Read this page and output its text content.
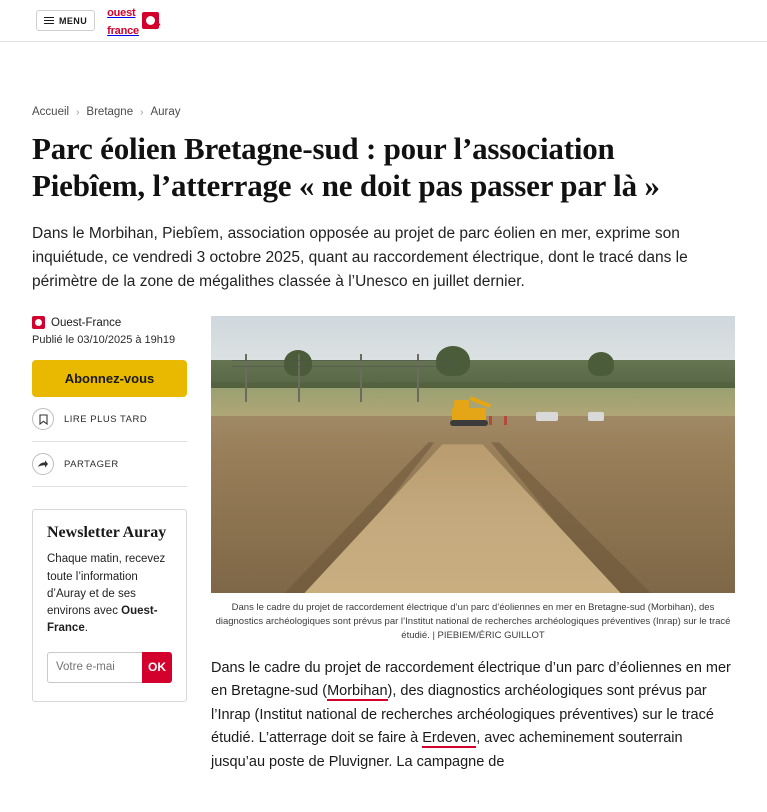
MENU
ouest
france
Accueil › Bretagne › Auray
Parc éolien Bretagne-sud : pour l’association Piebîem, l’atterrage « ne doit pas passer par là »

Dans le Morbihan, Piebîem, association opposée au projet de parc éolien en mer, exprime son inquiétude, ce vendredi 3 octobre 2025, quant au raccordement électrique, dont le tracé dans le périmètre de la zone de mégalithes classée à l’Unesco en juillet dernier.

Ouest-France
Publié le 03/10/2025 à 19h19
Abonnez-vous
LIRE PLUS TARD
PARTAGER
Newsletter Auray

Chaque matin, recevez toute l’information d’Auray et de ses environs avec Ouest-France.

Votre e-mai
OK
Dans le cadre du projet de raccordement électrique d’un parc d’éoliennes en mer en Bretagne-sud (Morbihan), des diagnostics archéologiques sont prévus par l’Institut national de recherches archéologiques préventives (Inrap) sur le tracé étudié. | PIEBIEM/ÉRIC GUILLOT

Dans le cadre du projet de raccordement électrique d’un parc d’éoliennes en mer en Bretagne-sud (Morbihan), des diagnostics archéologiques sont prévus par l’Inrap (Institut national de recherches archéologiques préventives) sur le tracé étudié. L’atterrage doit se faire à Erdeven, avec acheminement souterrain jusqu’au poste de Pluvigner. La campagne de
